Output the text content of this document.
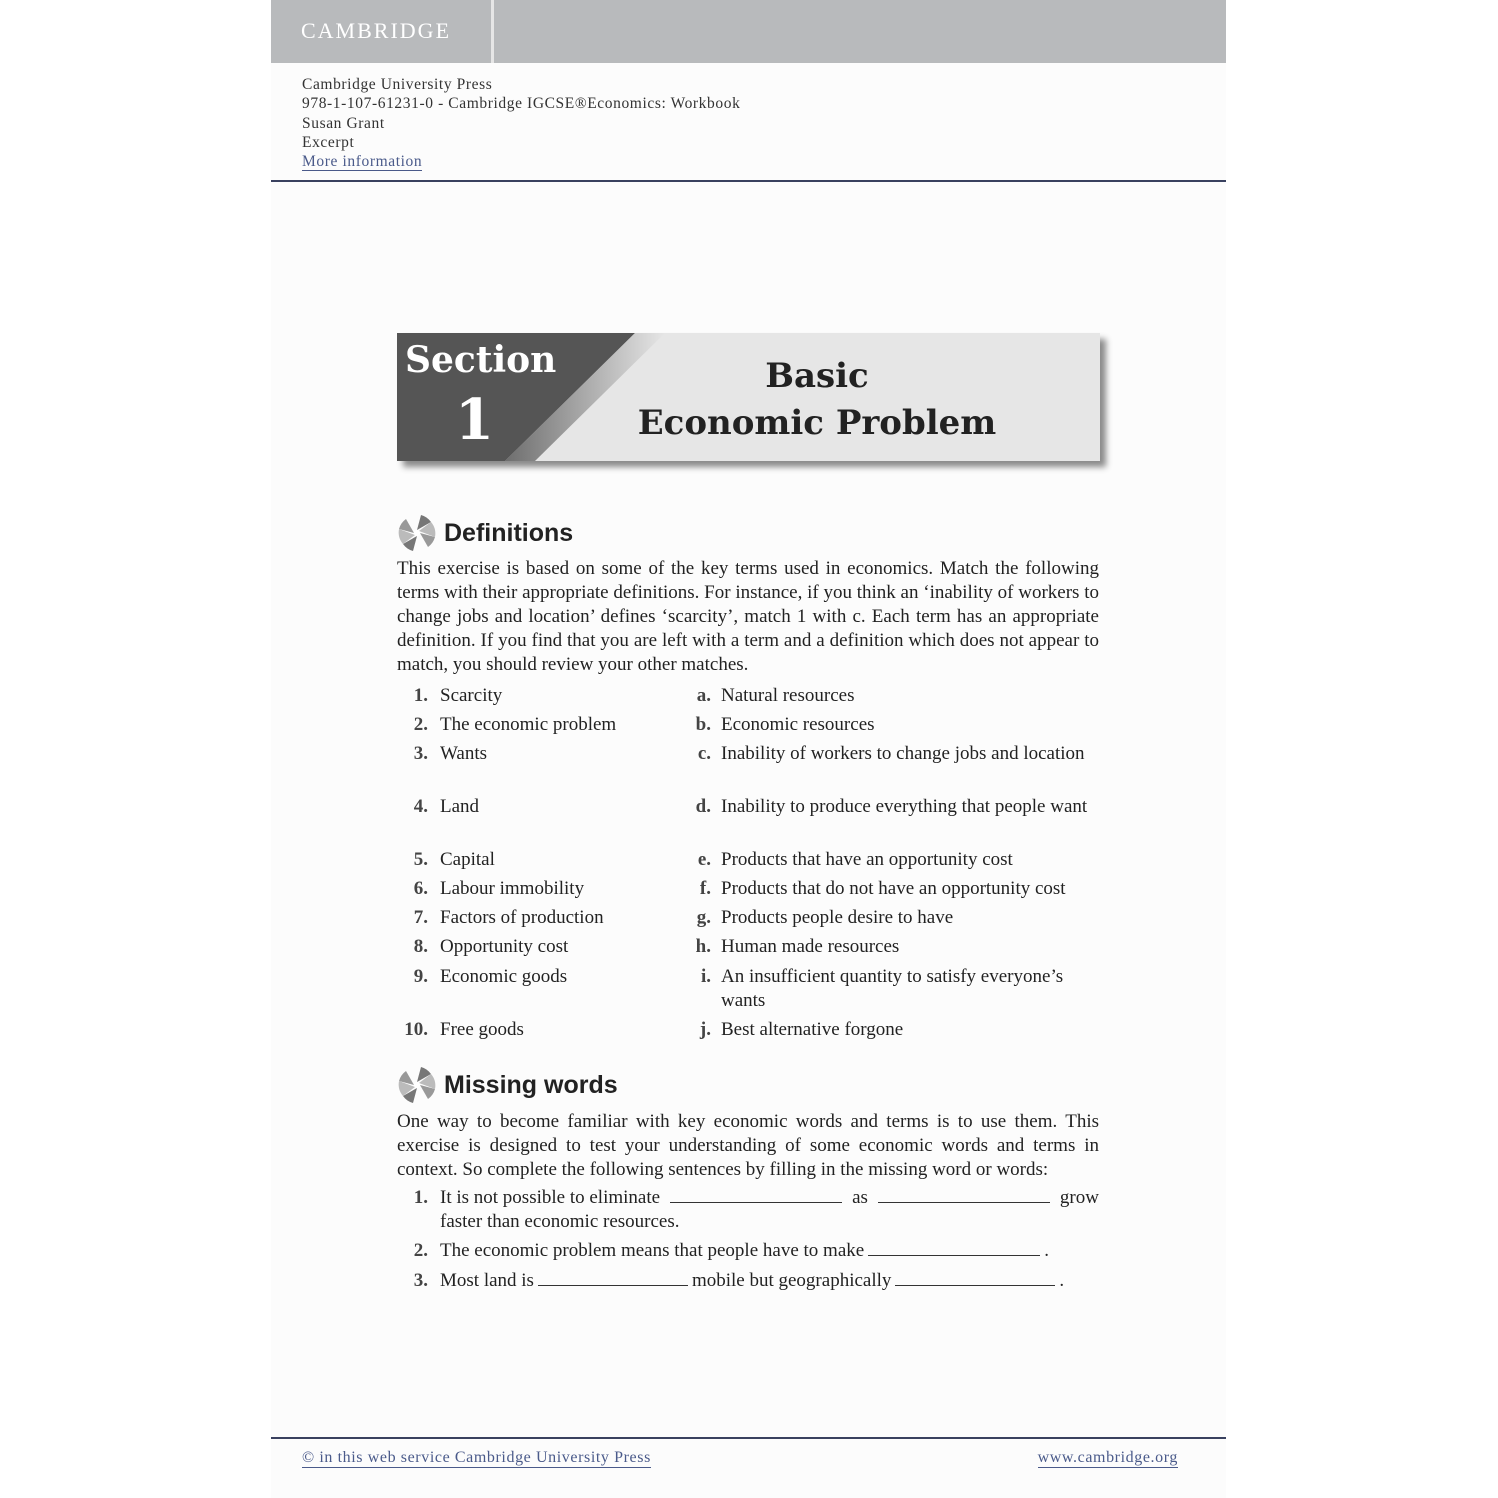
CAMBRIDGE
Cambridge University Press
978-1-107-61231-0 - Cambridge IGCSE®Economics: Workbook
Susan Grant
Excerpt
More information
Section
1
Basic
Economic Problem
Definitions
This exercise is based on some of the key terms used in economics. Match the following terms with their appropriate definitions. For instance, if you think an ‘inability of workers to change jobs and location’ defines ‘scarcity’, match 1 with c. Each term has an appropriate definition. If you find that you are left with a term and a definition which does not appear to match, you should review your other matches.
1. Scarcity	a. Natural resources
2. The economic problem	b. Economic resources
3. Wants	c. Inability of workers to change jobs and location
4. Land	d. Inability to produce everything that people want
5. Capital	e. Products that have an opportunity cost
6. Labour immobility	f. Products that do not have an opportunity cost
7. Factors of production	g. Products people desire to have
8. Opportunity cost	h. Human made resources
9. Economic goods	i. An insufficient quantity to satisfy everyone’s wants
10. Free goods	j. Best alternative forgone
Missing words
One way to become familiar with key economic words and terms is to use them. This exercise is designed to test your understanding of some economic words and terms in context. So complete the following sentences by filling in the missing word or words:
1. It is not possible to eliminate	as	grow
faster than economic resources.
2. The economic problem means that people have to make	.
3. Most land is	mobile but geographically	.
© in this web service Cambridge University Press	www.cambridge.org
